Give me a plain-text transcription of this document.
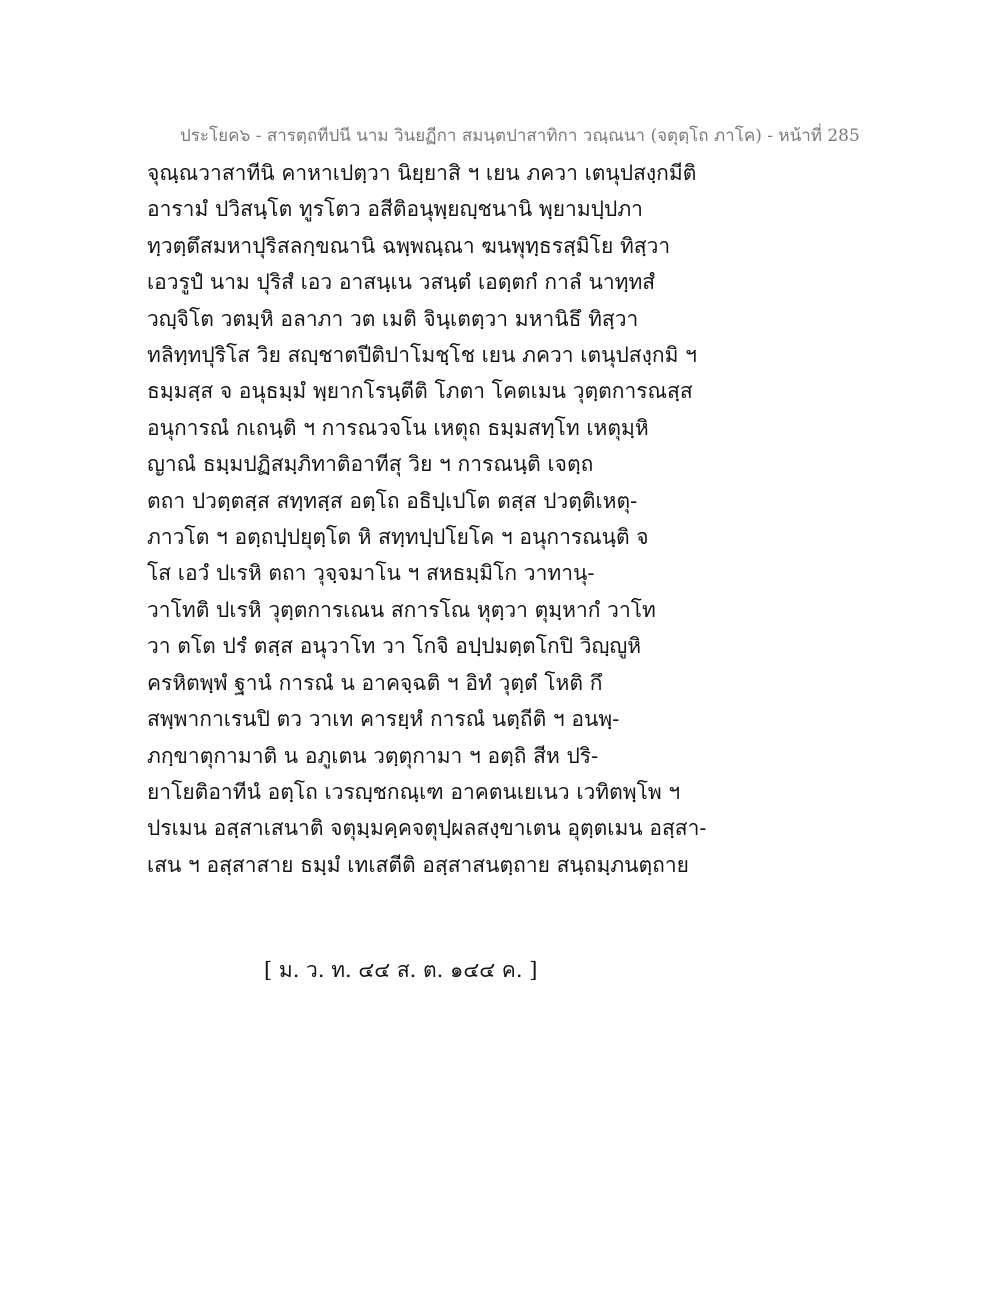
ประโยค๖ - สารตฺถทีปนี นาม วินยฏีกา สมนฺตปาสาทิกา วณฺณนา (จตุตฺโถ ภาโค) - หน้าที่ 285
จุณฺณวาสาทีนิ คาหาเปตฺวา นิยฺยาสิ ฯ เยน ภควา เตนุปสงฺกมีติ
อารามํ ปวิสนฺโต ทูรโตว อสีติอนุพฺยญฺชนานิ พฺยามปฺปภา
ทฺวตฺตึสมหาปุริสลกฺขณานิ ฉพฺพณฺณา ฆนพุทฺธรสฺมิโย ทิสฺวา
เอวรูปํ นาม ปุริสํ เอว อาสนฺเน วสนฺตํ เอตฺตกํ กาลํ นาทฺทสํ
วญฺจิโต วตมฺหิ อลาภา วต เมติ จินฺเตตฺวา มหานิธึ ทิสฺวา
ทลิทฺทปุริโส วิย สญฺชาตปีติปาโมชฺโช เยน ภควา เตนุปสงฺกมิ ฯ
ธมฺมสฺส จ อนุธมฺมํ พฺยากโรนฺตีติ โภตา โคตเมน วุตฺตการณสฺส
อนุการณํ กเถนฺติ ฯ การณวจโน เหตุถ ธมฺมสทฺโท เหตุมฺหิ
ญาณํ ธมฺมปฏิสมฺภิทาติอาทีสุ วิย ฯ การณนฺติ เจตฺถ
ตถา ปวตฺตสฺส สทฺทสฺส อตฺโถ อธิปฺเปโต ตสฺส ปวตฺติเหตุ-
ภาวโต ฯ อตฺถปฺปยุตฺโต หิ สทฺทปฺปโยโค ฯ อนุการณนฺติ จ
โส เอวํ ปเรหิ ตถา วุจฺจมาโน ฯ สหธมฺมิโก วาทานุ-
วาโทติ ปเรหิ วุตฺตการเณน สการโณ หุตฺวา ตุมฺหากํ วาโท
วา ตโต ปรํ ตสฺส อนุวาโท วา โกจิ อปฺปมตฺตโกปิ วิญฺญูหิ
ครหิตพฺพํ ฐานํ การณํ น อาคจฺฉติ ฯ อิทํ วุตฺตํ โหติ กึ
สพฺพากาเรนปิ ตว วาเท คารยฺหํ การณํ นตฺถีติ ฯ อนพฺ-
ภกฺขาตุกามาติ น อภูเตน วตฺตุกามา ฯ อตฺถิ สีห ปริ-
ยาโยติอาทีนํ อตฺโถ เวรญฺชกณฺเฑ อาคตนเยเนว เวทิตพฺโพ ฯ
ปรเมน อสฺสาเสนาติ จตุมฺมคฺคจตุปฺผลสงฺขาเตน อุตฺตเมน อสฺสา-
เสน ฯ อสฺสาสาย ธมฺมํ เทเสตีติ อสฺสาสนตฺถาย สนฺถมฺภนตฺถาย
[ ม. ว. ท. ๔๔ ส. ต. ๑๔๔ ค. ]
